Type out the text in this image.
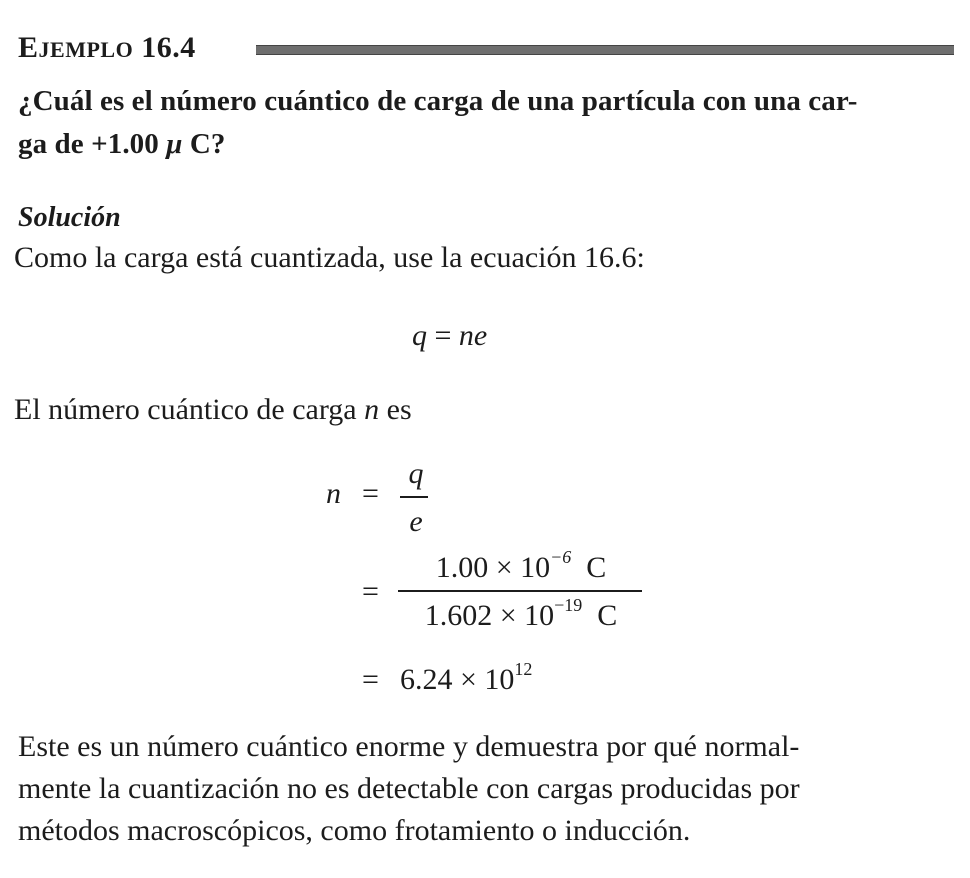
EJEMPLO 16.4
¿Cuál es el número cuántico de carga de una partícula con una car-
ga de +1.00 μ C?
Solución
Como la carga está cuantizada, use la ecuación 16.6:
q = ne
El número cuántico de carga n es
n =
q
e
=
$1.00 \times 10^{-6}$  C
$1.602 \times 10^{-19}$  C
= $6.24 \times 10^{12}$
Este es un número cuántico enorme y demuestra por qué normal-
mente la cuantización no es detectable con cargas producidas por
métodos macroscópicos, como frotamiento o inducción.
